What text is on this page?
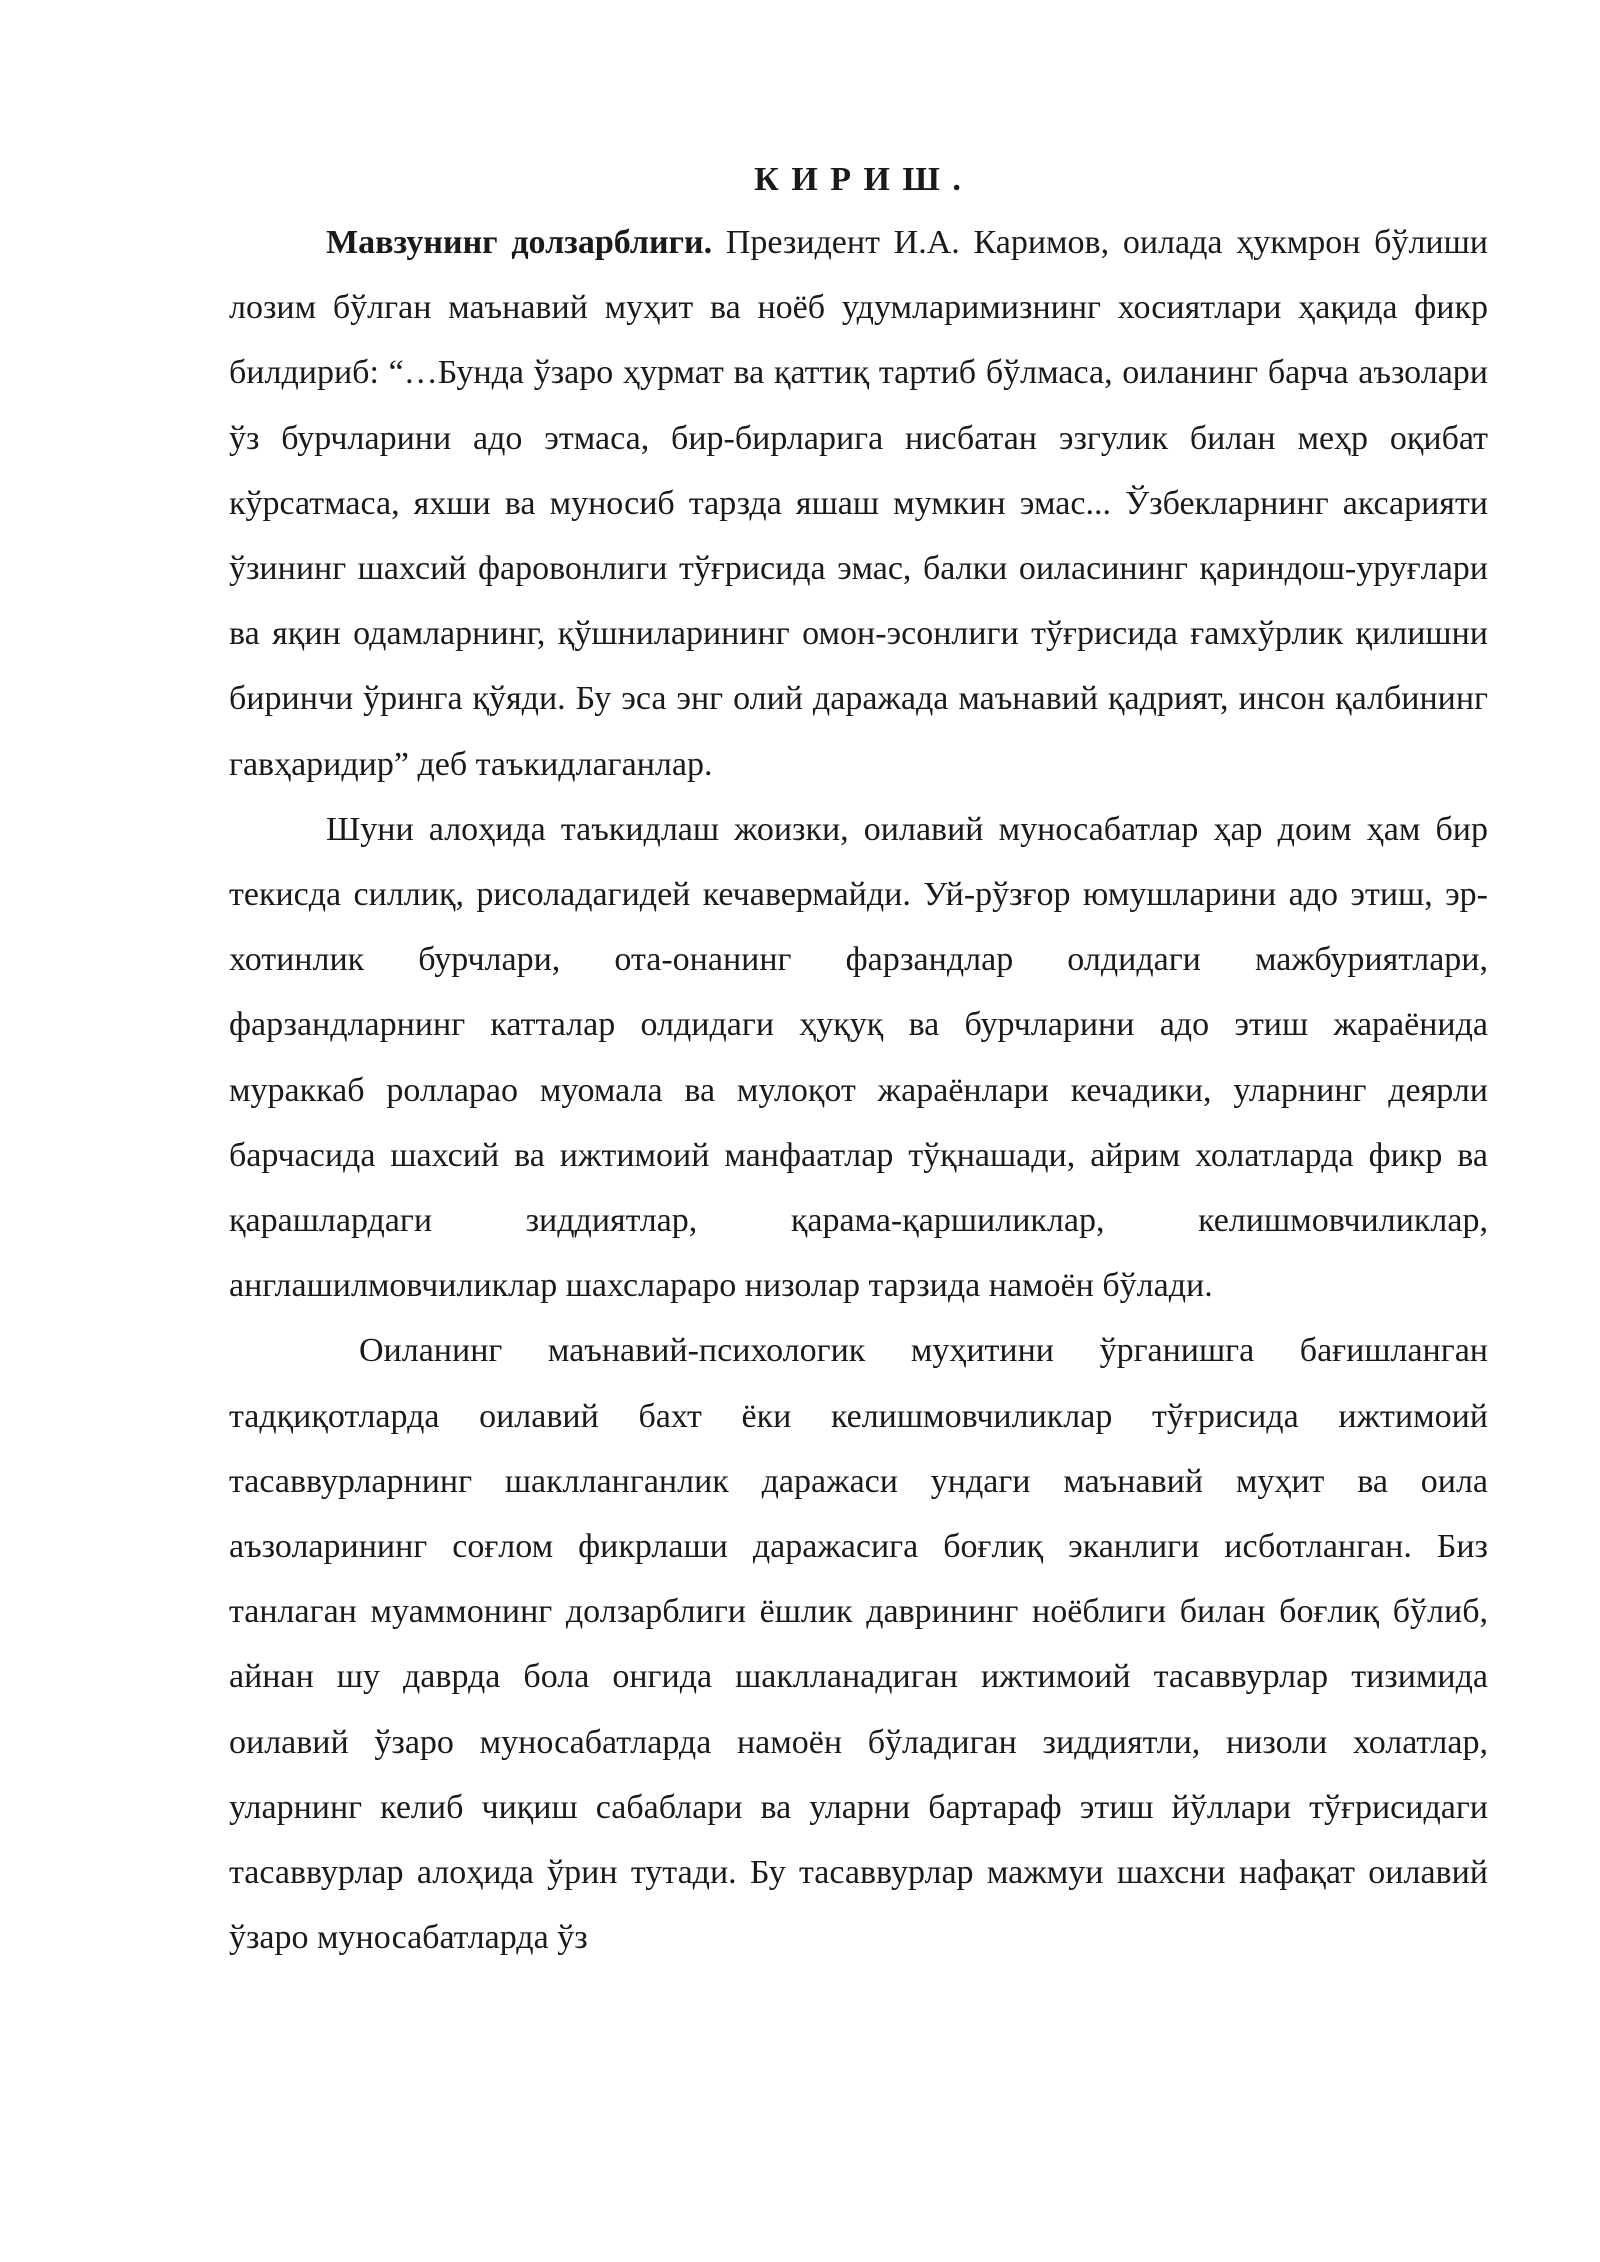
К И Р И Ш .

Мавзунинг долзарблиги. Президент И.А. Каримов, оилада ҳукмрон бўлиши лозим бўлган маънавий муҳит ва ноёб удумларимизнинг хосиятлари ҳақида фикр билдириб: “…Бунда ўзаро ҳурмат ва қаттиқ тартиб бўлмаса, оиланинг барча аъзолари ўз бурчларини адо этмаса, бир-бирларига нисбатан эзгулик билан меҳр оқибат кўрсатмаса, яхши ва муносиб тарзда яшаш мумкин эмас... Ўзбекларнинг аксарияти ўзининг шахсий фаровонлиги тўғрисида эмас, балки оиласининг қариндош-уруғлари ва яқин одамларнинг, қўшниларининг омон-эсонлиги тўғрисида ғамхўрлик қилишни биринчи ўринга қўяди. Бу эса энг олий даражада маънавий қадрият, инсон қалбининг гавҳаридир” деб таъкидлаганлар.

Шуни алоҳида таъкидлаш жоизки, оилавий муносабатлар ҳар доим ҳам бир текисда силлиқ, рисоладагидей кечавермайди. Уй-рўзғор юмушларини адо этиш, эр-хотинлик бурчлари, ота-онанинг фарзандлар олдидаги мажбуриятлари, фарзандларнинг катталар олдидаги ҳуқуқ ва бурчларини адо этиш жараёнида мураккаб ролларао муомала ва мулоқот жараёнлари кечадики, уларнинг деярли барчасида шахсий ва ижтимоий манфаатлар тўқнашади, айрим холатларда фикр ва қарашлардаги зиддиятлар, қарама-қаршиликлар, келишмовчиликлар, англашилмовчиликлар шахслараро низолар тарзида намоён бўлади.

Оиланинг маънавий-психологик муҳитини ўрганишга бағишланган тадқиқотларда оилавий бахт ёки келишмовчиликлар тўғрисида ижтимоий тасаввурларнинг шаклланганлик даражаси ундаги маънавий муҳит ва оила аъзоларининг соғлом фикрлаши даражасига боғлиқ эканлиги исботланган. Биз танлаган муаммонинг долзарблиги ёшлик даврининг ноёблиги билан боғлиқ бўлиб, айнан шу даврда бола онгида шаклланадиган ижтимоий тасаввурлар тизимида оилавий ўзаро муносабатларда намоён бўладиган зиддиятли, низоли холатлар, уларнинг келиб чиқиш сабаблари ва уларни бартараф этиш йўллари тўғрисидаги тасаввурлар алоҳида ўрин тутади. Бу тасаввурлар мажмуи шахсни нафақат оилавий ўзаро муносабатларда ўз
